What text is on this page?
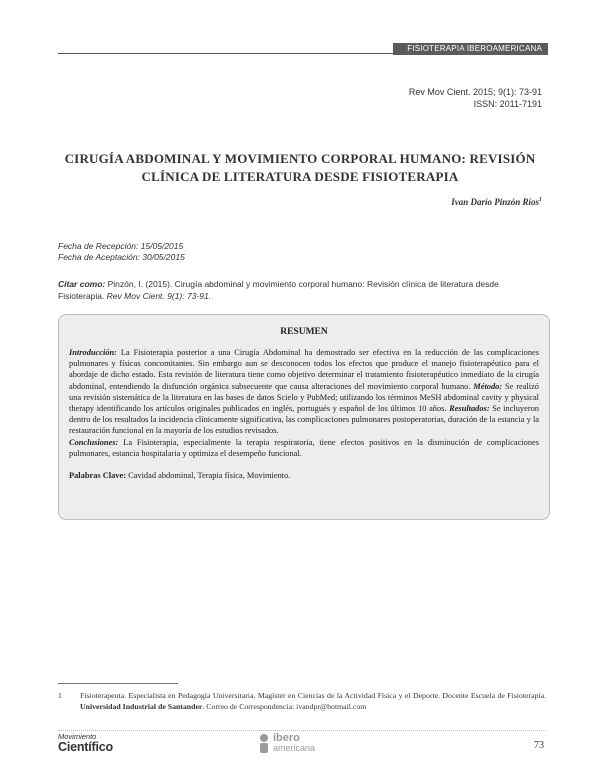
FISIOTERAPIA IBEROAMERICANA
Rev Mov Cient. 2015; 9(1): 73-91
ISSN: 2011-7191
CIRUGÍA ABDOMINAL Y MOVIMIENTO CORPORAL HUMANO: REVISIÓN
CLÍNICA DE LITERATURA DESDE FISIOTERAPIA
Ivan Darío Pinzón Ríos$^1$
Fecha de Recepción: 15/05/2015
Fecha de Aceptación: 30/05/2015
Citar como: Pinzón, I. (2015). Cirugía abdominal y movimiento corporal humano: Revisión clínica de literatura desde Fisioterapia. Rev Mov Cient. 9(1): 73-91.
RESUMEN
Introducción: La Fisioterapia posterior a una Cirugía Abdominal ha demostrado ser efectiva en la reducción de las complicaciones pulmonares y físicas concomitantes. Sin embargo aun se desconocen todos los efectos que produce el manejo fisioterapéutico para el abordaje de dicho estado. Esta revisión de literatura tiene como objetivo determinar el tratamiento fisioterapéutico inmediato de la cirugía abdominal, entendiendo la disfunción orgánica subsecuente que causa alteraciones del movimiento corporal humano. Método: Se realizó una revisión sistemática de la literatura en las bases de datos Scielo y PubMed; utilizando los términos MeSH abdominal cavity y physical therapy identificando los artículos originales publicados en inglés, portugués y español de los últimos 10 años. Resultados: Se incluyeron dentro de los resultados la incidencia clínicamente significativa, las complicaciones pulmonares postoperatorias, duración de la estancia y la restauración funcional en la mayoría de los estudios revisados.
Conclusiones: La Fisioterapia, especialmente la terapia respiratoria, tiene efectos positivos en la disminución de complicaciones pulmonares, estancia hospitalaria y optimiza el desempeño funcional.
Palabras Clave: Cavidad abdominal, Terapia física, Movimiento.
1	Fisioterapeuta. Especialista en Pedagogía Universitaria. Magíster en Ciencias de la Actividad Física y el Deporte. Docente Escuela de Fisioterapia. Universidad Industrial de Santander. Correo de Correspondencia: ivandpr@hotmail.com
Movimiento
Científico
ibero
americana	73
